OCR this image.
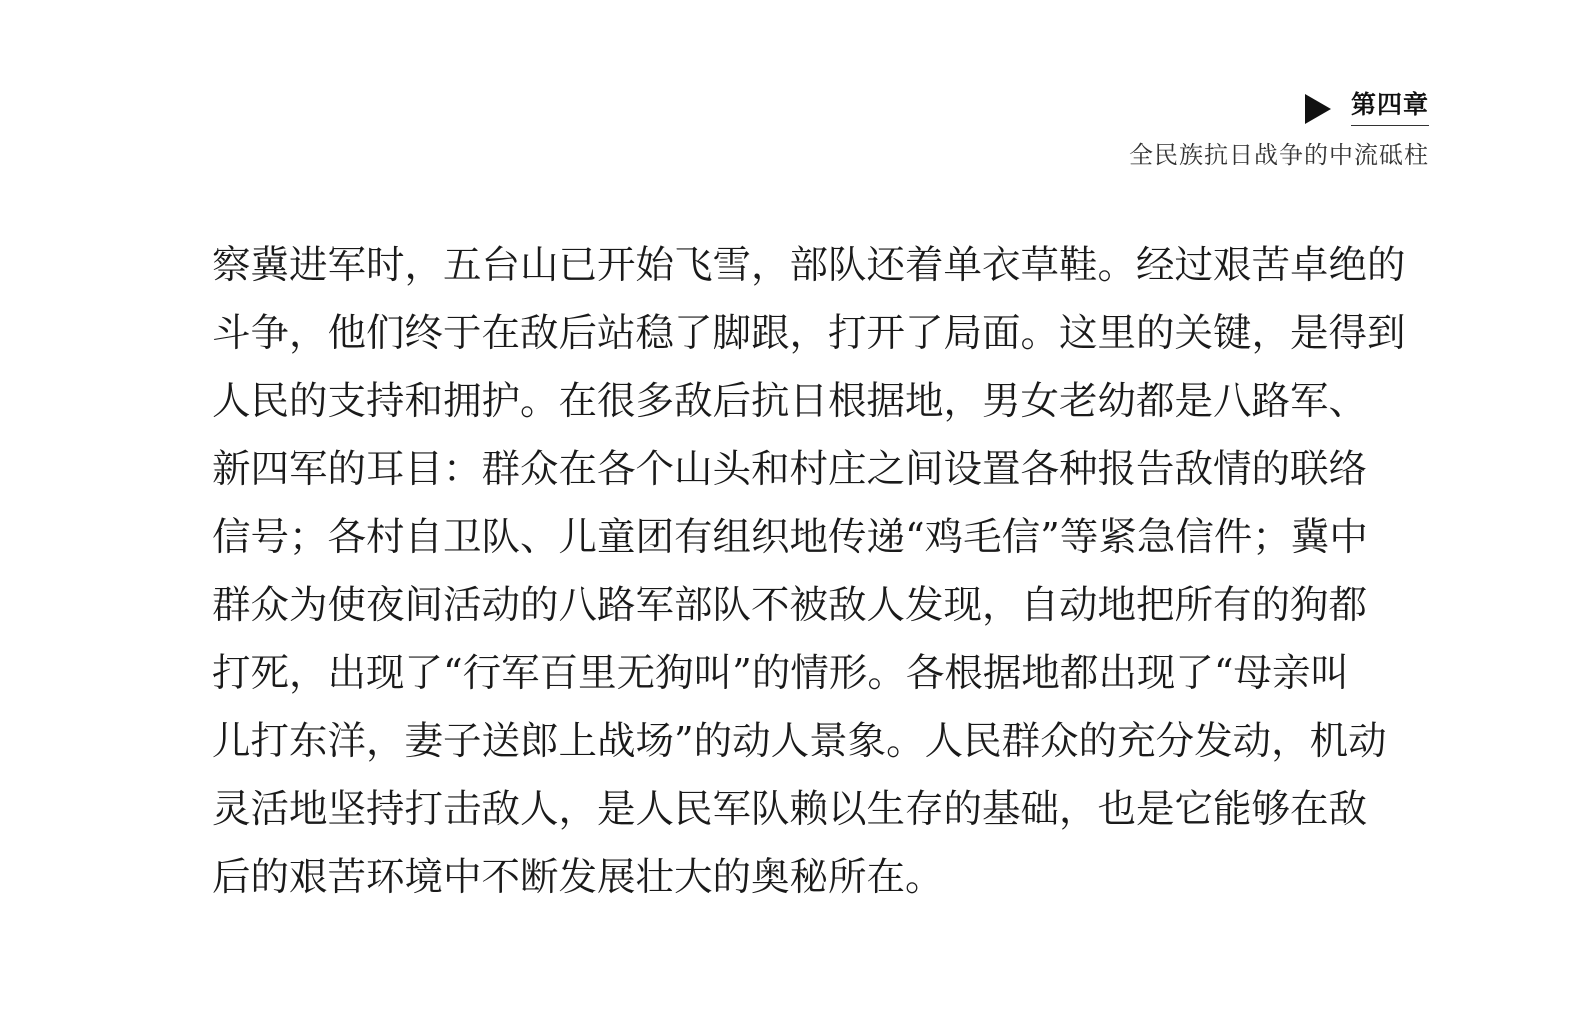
第四章
全民族抗日战争的中流砥柱
察冀进军时，五台山已开始飞雪，部队还着单衣草鞋。经过艰苦卓绝的
斗争，他们终于在敌后站稳了脚跟，打开了局面。这里的关键，是得到
人民的支持和拥护。在很多敌后抗日根据地，男女老幼都是八路军、
新四军的耳目：群众在各个山头和村庄之间设置各种报告敌情的联络
信号；各村自卫队、儿童团有组织地传递“鸡毛信”等紧急信件；冀中
群众为使夜间活动的八路军部队不被敌人发现，自动地把所有的狗都
打死，出现了“行军百里无狗叫”的情形。各根据地都出现了“母亲叫
儿打东洋，妻子送郎上战场”的动人景象。人民群众的充分发动，机动
灵活地坚持打击敌人，是人民军队赖以生存的基础，也是它能够在敌
后的艰苦环境中不断发展壮大的奥秘所在。
